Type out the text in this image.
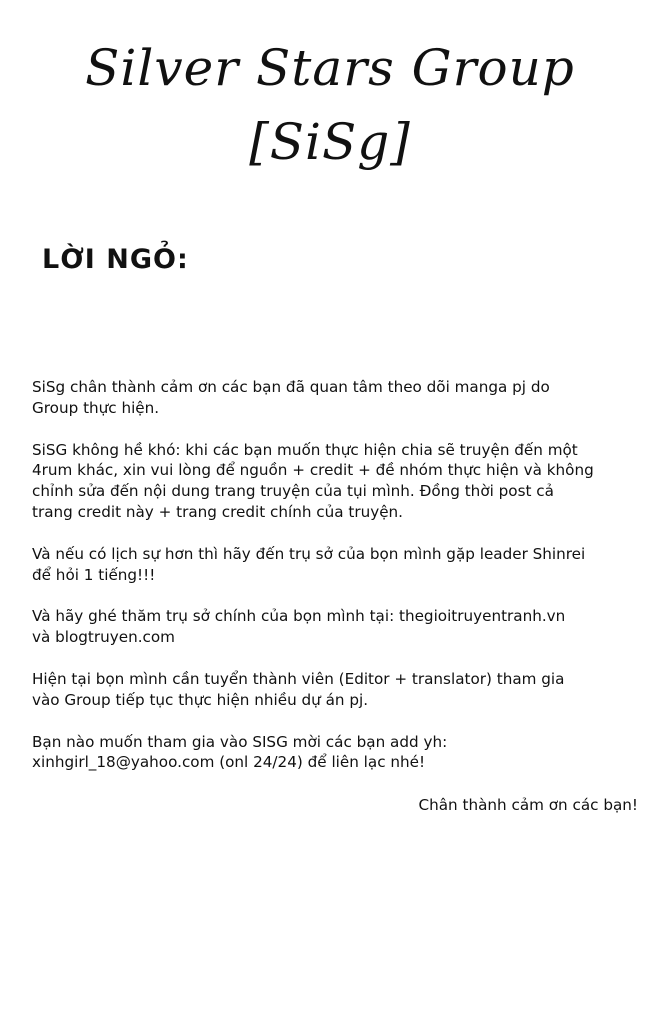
Silver Stars Group
[SiSg]
LỜI NGỎ:

SiSg chân thành cảm ơn các bạn đã quan tâm theo dõi manga pj do
Group thực hiện.

SiSG không hề khó: khi các bạn muốn thực hiện chia sẽ truyện đến một
4rum khác, xin vui lòng để nguồn + credit + đề nhóm thực hiện và không
chỉnh sửa đến nội dung trang truyện của tụi mình. Đồng thời post cả
trang credit này + trang credit chính của truyện.

Và nếu có lịch sự hơn thì hãy đến trụ sở của bọn mình gặp leader Shinrei
để hỏi 1 tiếng!!!

Và hãy ghé thăm trụ sở chính của bọn mình tại: thegioitruyentranh.vn
và blogtruyen.com

Hiện tại bọn mình cần tuyển thành viên (Editor + translator) tham gia
vào Group tiếp tục thực hiện nhiều dự án pj.

Bạn nào muốn tham gia vào SISG mời các bạn add yh:
xinhgirl_18@yahoo.com (onl 24/24) để liên lạc nhé!

Chân thành cảm ơn các bạn!
